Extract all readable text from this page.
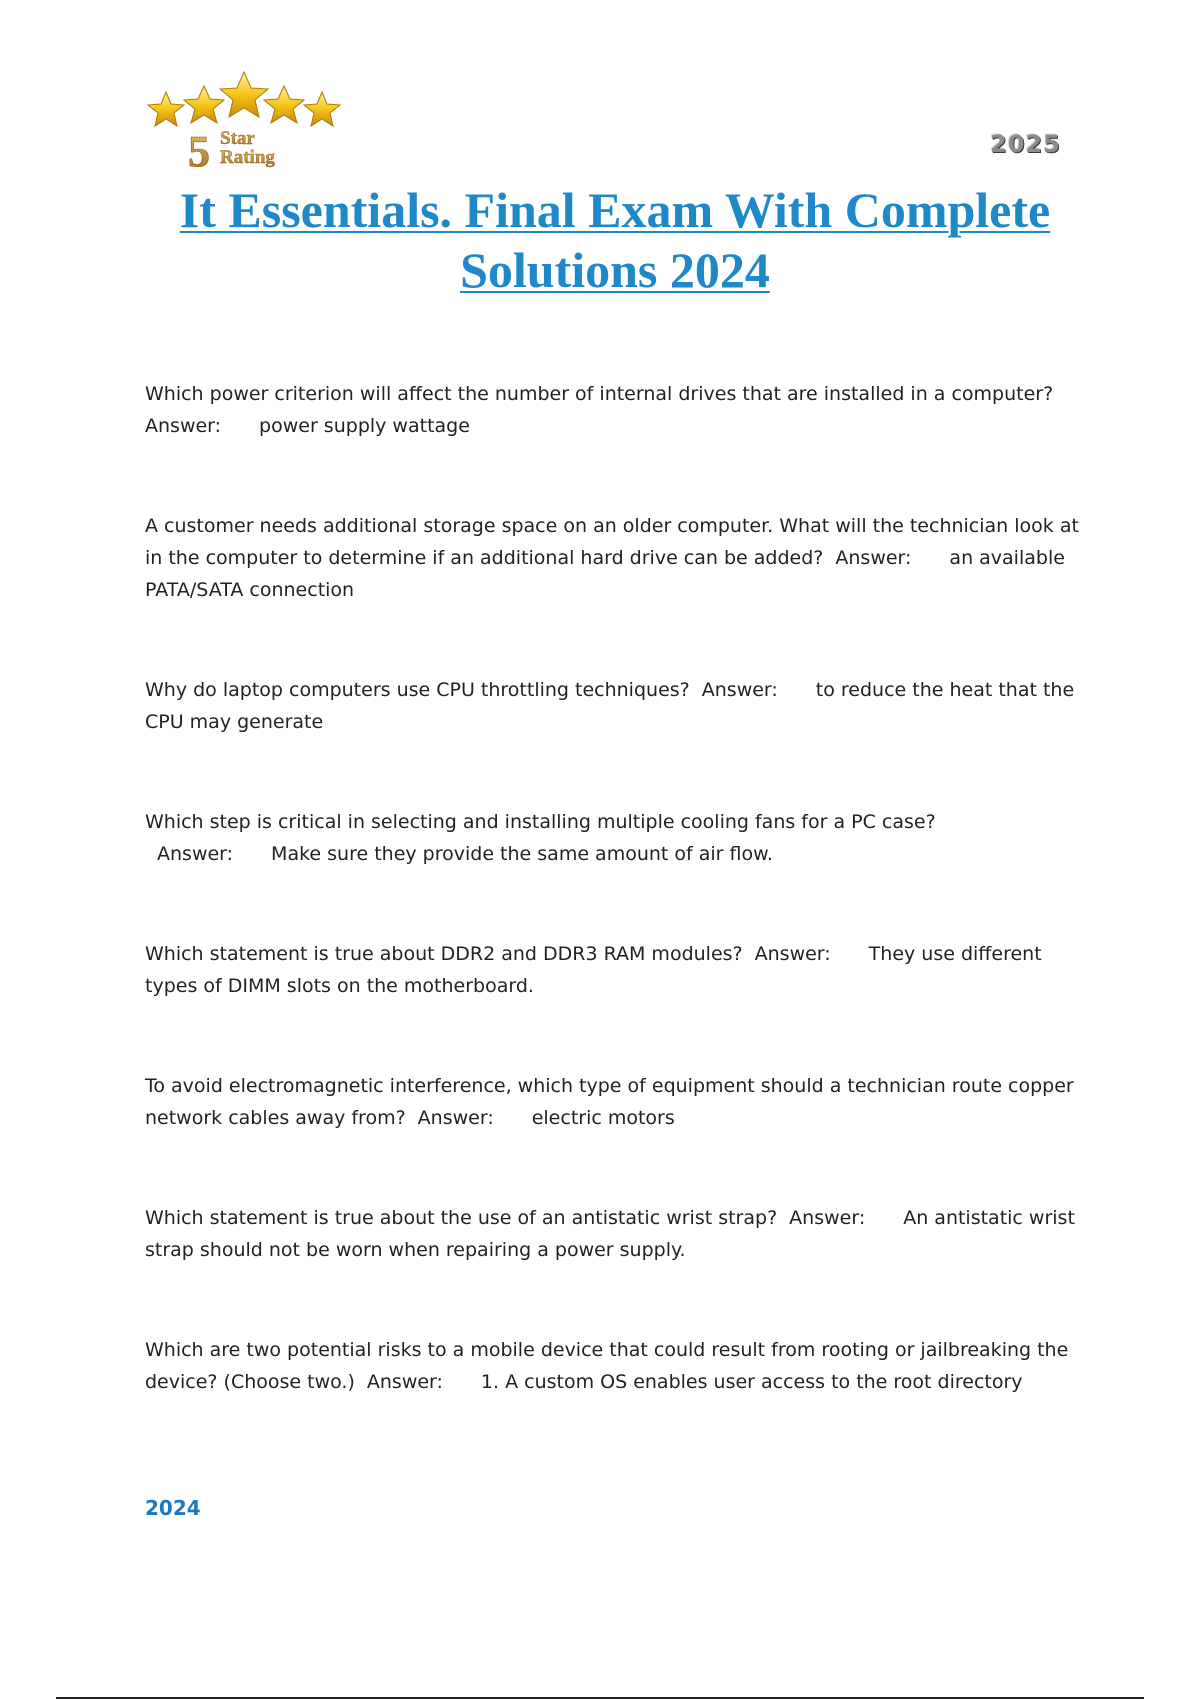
5 Star
Rating	2025
It Essentials. Final Exam With Complete Solutions 2024

Which power criterion will affect the number of internal drives that are installed in a computer?
Answer: power supply wattage

A customer needs additional storage space on an older computer. What will the technician look at in the computer to determine if an additional hard drive can be added? Answer: an available PATA/SATA connection

Why do laptop computers use CPU throttling techniques? Answer: to reduce the heat that the CPU may generate

Which step is critical in selecting and installing multiple cooling fans for a PC case?Answer: Make sure they provide the same amount of air flow.

Which statement is true about DDR2 and DDR3 RAM modules? Answer: They use different types of DIMM slots on the motherboard.

To avoid electromagnetic interference, which type of equipment should a technician route copper network cables away from? Answer: electric motors

Which statement is true about the use of an antistatic wrist strap? Answer: An antistatic wrist strap should not be worn when repairing a power supply.

Which are two potential risks to a mobile device that could result from rooting or jailbreaking the device? (Choose two.) Answer: 1. A custom OS enables user access to the root directory

2024
